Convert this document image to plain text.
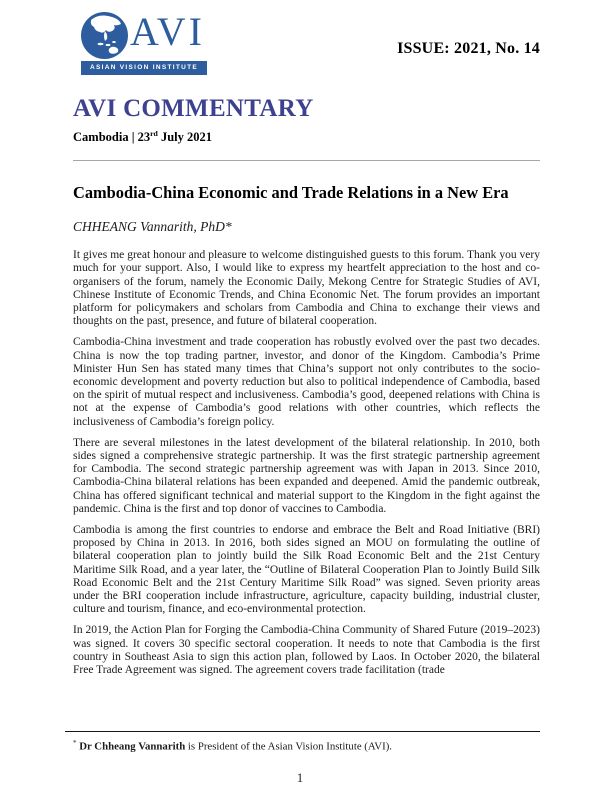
AVI
ASIAN VISION INSTITUTE
ISSUE: 2021, No. 14
AVI COMMENTARY
Cambodia | 23rd July 2021
Cambodia-China Economic and Trade Relations in a New Era
CHHEANG Vannarith, PhD*

It gives me great honour and pleasure to welcome distinguished guests to this forum. Thank you very much for your support. Also, I would like to express my heartfelt appreciation to the host and co-organisers of the forum, namely the Economic Daily, Mekong Centre for Strategic Studies of AVI, Chinese Institute of Economic Trends, and China Economic Net. The forum provides an important platform for policymakers and scholars from Cambodia and China to exchange their views and thoughts on the past, presence, and future of bilateral cooperation.

Cambodia-China investment and trade cooperation has robustly evolved over the past two decades. China is now the top trading partner, investor, and donor of the Kingdom. Cambodia’s Prime Minister Hun Sen has stated many times that China’s support not only contributes to the socio-economic development and poverty reduction but also to political independence of Cambodia, based on the spirit of mutual respect and inclusiveness. Cambodia’s good, deepened relations with China is not at the expense of Cambodia’s good relations with other countries, which reflects the inclusiveness of Cambodia’s foreign policy.

There are several milestones in the latest development of the bilateral relationship. In 2010, both sides signed a comprehensive strategic partnership. It was the first strategic partnership agreement for Cambodia. The second strategic partnership agreement was with Japan in 2013. Since 2010, Cambodia-China bilateral relations has been expanded and deepened. Amid the pandemic outbreak, China has offered significant technical and material support to the Kingdom in the fight against the pandemic. China is the first and top donor of vaccines to Cambodia.

Cambodia is among the first countries to endorse and embrace the Belt and Road Initiative (BRI) proposed by China in 2013. In 2016, both sides signed an MOU on formulating the outline of bilateral cooperation plan to jointly build the Silk Road Economic Belt and the 21st Century Maritime Silk Road, and a year later, the “Outline of Bilateral Cooperation Plan to Jointly Build Silk Road Economic Belt and the 21st Century Maritime Silk Road” was signed. Seven priority areas under the BRI cooperation include infrastructure, agriculture, capacity building, industrial cluster, culture and tourism, finance, and eco-environmental protection.

In 2019, the Action Plan for Forging the Cambodia-China Community of Shared Future (2019–2023) was signed. It covers 30 specific sectoral cooperation. It needs to note that Cambodia is the first country in Southeast Asia to sign this action plan, followed by Laos. In October 2020, the bilateral Free Trade Agreement was signed. The agreement covers trade facilitation (trade

* Dr Chheang Vannarith is President of the Asian Vision Institute (AVI).
1
